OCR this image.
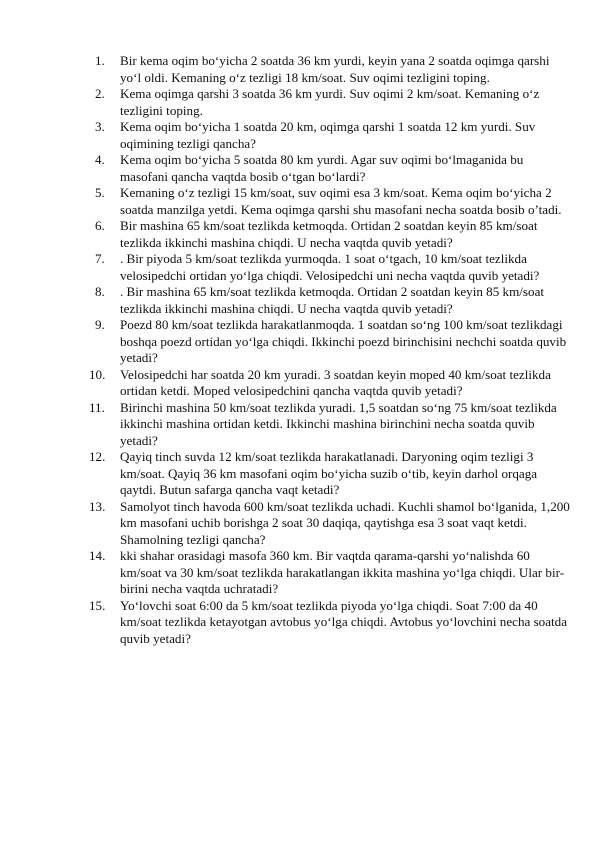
1.	Bir kema oqim bo‘yicha 2 soatda 36 km yurdi, keyin yana 2 soatda oqimga qarshi yo‘l oldi. Kemaning o‘z tezligi 18 km/soat. Suv oqimi tezligini toping.
2.	Kema oqimga qarshi 3 soatda 36 km yurdi. Suv oqimi 2 km/soat. Kemaning o‘z tezligini toping.
3.	Kema oqim bo‘yicha 1 soatda 20 km, oqimga qarshi 1 soatda 12 km yurdi. Suv oqimining tezligi qancha?
4.	Kema oqim bo‘yicha 5 soatda 80 km yurdi. Agar suv oqimi bo‘lmaganida bu masofani qancha vaqtda bosib o‘tgan bo‘lardi?
5.	Kemaning o‘z tezligi 15 km/soat, suv oqimi esa 3 km/soat. Kema oqim bo‘yicha 2 soatda manzilga yetdi. Kema oqimga qarshi shu masofani necha soatda bosib o’tadi.
6.	Bir mashina 65 km/soat tezlikda ketmoqda. Ortidan 2 soatdan keyin 85 km/soat tezlikda ikkinchi mashina chiqdi. U necha vaqtda quvib yetadi?
7.	. Bir piyoda 5 km/soat tezlikda yurmoqda. 1 soat o‘tgach, 10 km/soat tezlikda velosipedchi ortidan yo‘lga chiqdi. Velosipedchi uni necha vaqtda quvib yetadi?
8.	. Bir mashina 65 km/soat tezlikda ketmoqda. Ortidan 2 soatdan keyin 85 km/soat tezlikda ikkinchi mashina chiqdi. U necha vaqtda quvib yetadi?
9.	Poezd 80 km/soat tezlikda harakatlanmoqda. 1 soatdan so‘ng 100 km/soat tezlikdagi boshqa poezd ortidan yo‘lga chiqdi. Ikkinchi poezd birinchisini nechchi soatda quvib yetadi?
10.	Velosipedchi har soatda 20 km yuradi. 3 soatdan keyin moped 40 km/soat tezlikda ortidan ketdi. Moped velosipedchini qancha vaqtda quvib yetadi?
11.	Birinchi mashina 50 km/soat tezlikda yuradi. 1,5 soatdan so‘ng 75 km/soat tezlikda ikkinchi mashina ortidan ketdi. Ikkinchi mashina birinchini necha soatda quvib yetadi?
12.	Qayiq tinch suvda 12 km/soat tezlikda harakatlanadi. Daryoning oqim tezligi 3 km/soat. Qayiq 36 km masofani oqim bo‘yicha suzib o‘tib, keyin darhol orqaga qaytdi. Butun safarga qancha vaqt ketadi?
13.	Samolyot tinch havoda 600 km/soat tezlikda uchadi. Kuchli shamol bo‘lganida, 1,200 km masofani uchib borishga 2 soat 30 daqiqa, qaytishga esa 3 soat vaqt ketdi. Shamolning tezligi qancha?
14.	kki shahar orasidagi masofa 360 km. Bir vaqtda qarama-qarshi yo‘nalishda 60 km/soat va 30 km/soat tezlikda harakatlangan ikkita mashina yo‘lga chiqdi. Ular bir-birini necha vaqtda uchratadi?
15.	Yo‘lovchi soat 6:00 da 5 km/soat tezlikda piyoda yo‘lga chiqdi. Soat 7:00 da 40 km/soat tezlikda ketayotgan avtobus yo‘lga chiqdi. Avtobus yo‘lovchini necha soatda quvib yetadi?
